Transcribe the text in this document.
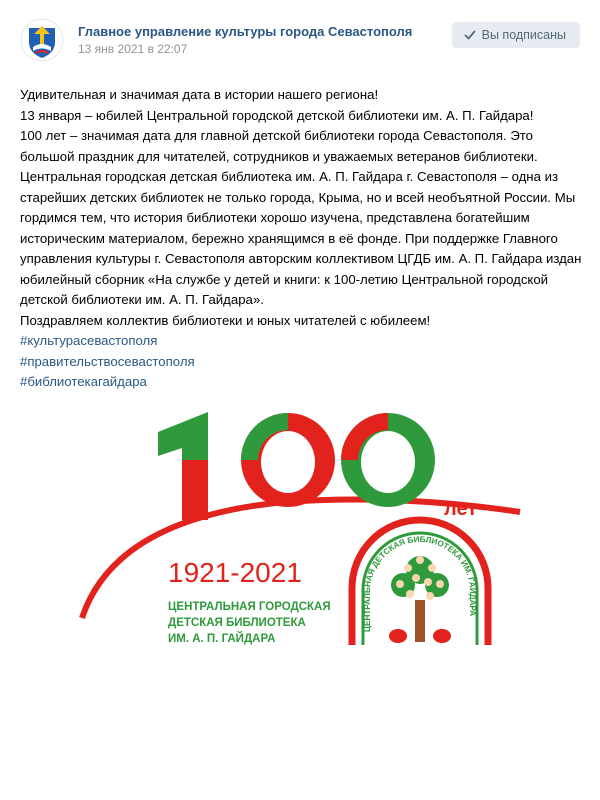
Главное управление культуры города Севастополя
13 янв 2021 в 22:07
Вы подписаны

Удивительная и значимая дата в истории нашего региона!

13 января – юбилей Центральной городской детской библиотеки им. А. П. Гайдара!

100 лет – значимая дата для главной детской библиотеки города Севастополя. Это большой праздник для читателей, сотрудников и уважаемых ветеранов библиотеки.

Центральная городская детская библиотека им. А. П. Гайдара г. Севастополя – одна из старейших детских библиотек не только города, Крыма, но и всей необъятной России. Мы гордимся тем, что история библиотеки хорошо изучена, представлена богатейшим историческим материалом, бережно хранящимся в её фонде. При поддержке Главного управления культуры г. Севастополя авторским коллективом ЦГДБ им. А. П. Гайдара издан юбилейный сборник «На службе у детей и книги: к 100-летию Центральной городской детской библиотеки им. А. П. Гайдара».

Поздравляем коллектив библиотеки и юных читателей с юбилеем!

#культурасевастополя
#правительствосевастополя
#библиотекагайдара
лет
1921-2021
ЦЕНТРАЛЬНАЯ ГОРОДСКАЯ
ДЕТСКАЯ БИБЛИОТЕКА
ИМ. А. П. ГАЙДАРА
ЦЕНТРАЛЬНАЯ ДЕТСКАЯ БИБЛИОТЕКА ИМ. ГАЙДАРА
